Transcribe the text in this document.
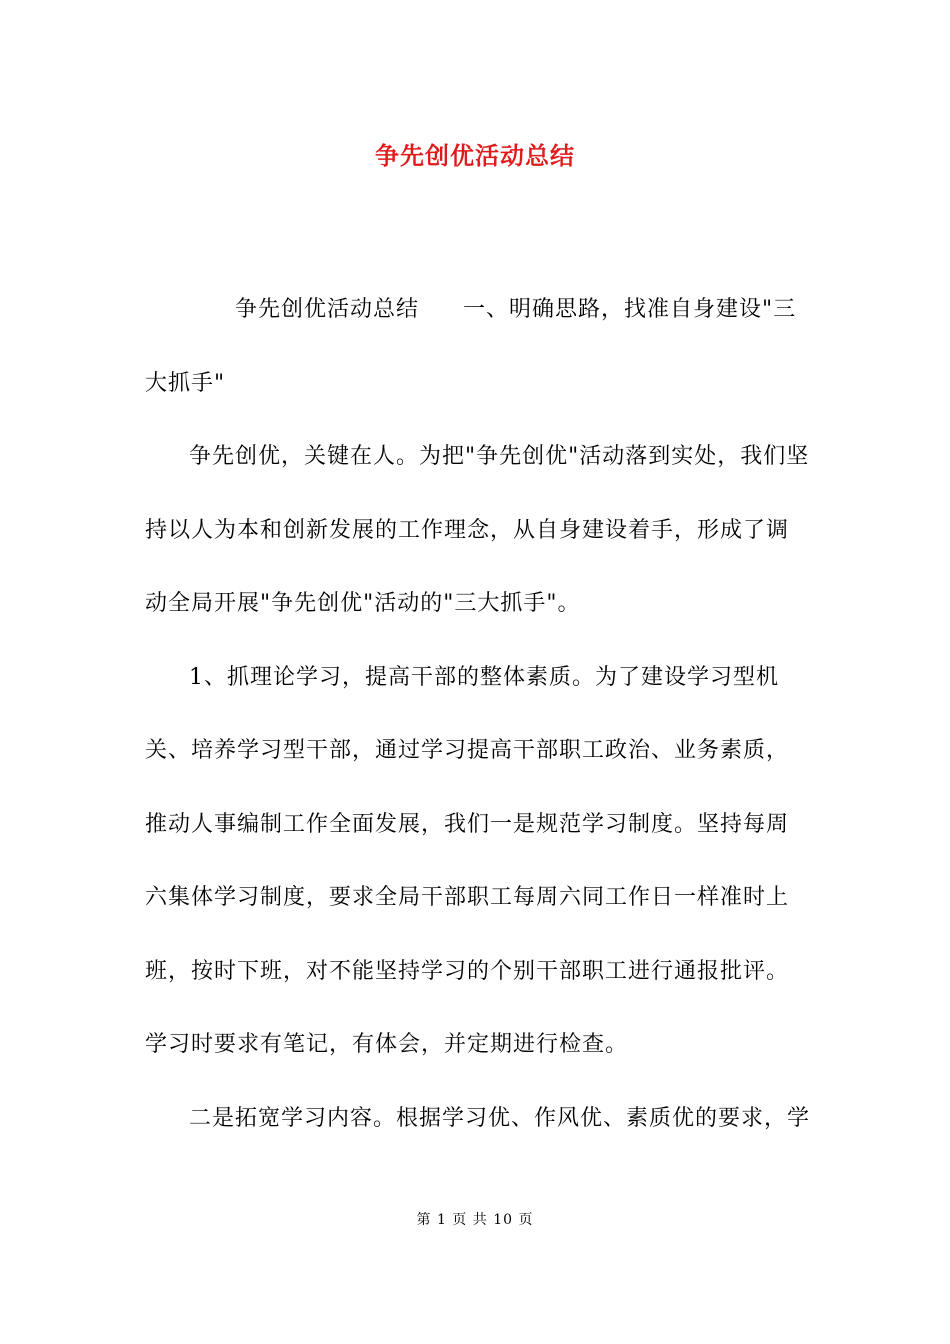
争先创优活动总结

争先创优活动总结 一、明确思路，找准自身建设"三大抓手"

争先创优，关键在人。为把"争先创优"活动落到实处，我们坚持以人为本和创新发展的工作理念，从自身建设着手，形成了调动全局开展"争先创优"活动的"三大抓手"。

1、抓理论学习，提高干部的整体素质。为了建设学习型机关、培养学习型干部，通过学习提高干部职工政治、业务素质，推动人事编制工作全面发展，我们一是规范学习制度。坚持每周六集体学习制度，要求全局干部职工每周六同工作日一样准时上班，按时下班，对不能坚持学习的个别干部职工进行通报批评。学习时要求有笔记，有体会，并定期进行检查。

二是拓宽学习内容。根据学习优、作风优、素质优的要求，学

第 1 页 共 10 页
